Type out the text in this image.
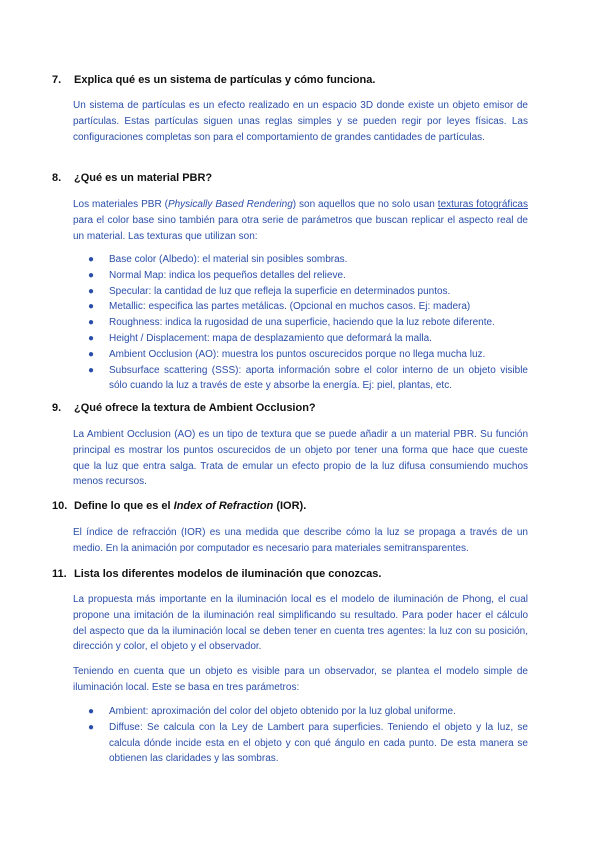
7. Explica qué es un sistema de partículas y cómo funciona.

Un sistema de partículas es un efecto realizado en un espacio 3D donde existe un objeto emisor de partículas. Estas partículas siguen unas reglas simples y se pueden regir por leyes físicas. Las configuraciones completas son para el comportamiento de grandes cantidades de partículas.

8. ¿Qué es un material PBR?

Los materiales PBR (Physically Based Rendering) son aquellos que no solo usan texturas fotográficas para el color base sino también para otra serie de parámetros que buscan replicar el aspecto real de un material. Las texturas que utilizan son:

● Base color (Albedo): el material sin posibles sombras.
● Normal Map: indica los pequeños detalles del relieve.
● Specular: la cantidad de luz que refleja la superficie en determinados puntos.
● Metallic: especifica las partes metálicas. (Opcional en muchos casos. Ej: madera)
● Roughness: indica la rugosidad de una superficie, haciendo que la luz rebote diferente.
● Height / Displacement: mapa de desplazamiento que deformará la malla.
● Ambient Occlusion (AO): muestra los puntos oscurecidos porque no llega mucha luz.
● Subsurface scattering (SSS): aporta información sobre el color interno de un objeto visible sólo cuando la luz a través de este y absorbe la energía. Ej: piel, plantas, etc.
9. ¿Qué ofrece la textura de Ambient Occlusion?

La Ambient Occlusion (AO) es un tipo de textura que se puede añadir a un material PBR. Su función principal es mostrar los puntos oscurecidos de un objeto por tener una forma que hace que cueste que la luz que entra salga. Trata de emular un efecto propio de la luz difusa consumiendo muchos menos recursos.

10. Define lo que es el Index of Refraction (IOR).

El índice de refracción (IOR) es una medida que describe cómo la luz se propaga a través de un medio. En la animación por computador es necesario para materiales semitransparentes.

11. Lista los diferentes modelos de iluminación que conozcas.

La propuesta más importante en la iluminación local es el modelo de iluminación de Phong, el cual propone una imitación de la iluminación real simplificando su resultado. Para poder hacer el cálculo del aspecto que da la iluminación local se deben tener en cuenta tres agentes: la luz con su posición, dirección y color, el objeto y el observador.

Teniendo en cuenta que un objeto es visible para un observador, se plantea el modelo simple de iluminación local. Este se basa en tres parámetros:

● Ambient: aproximación del color del objeto obtenido por la luz global uniforme.
● Diffuse: Se calcula con la Ley de Lambert para superficies. Teniendo el objeto y la luz, se calcula dónde incide esta en el objeto y con qué ángulo en cada punto. De esta manera se obtienen las claridades y las sombras.
